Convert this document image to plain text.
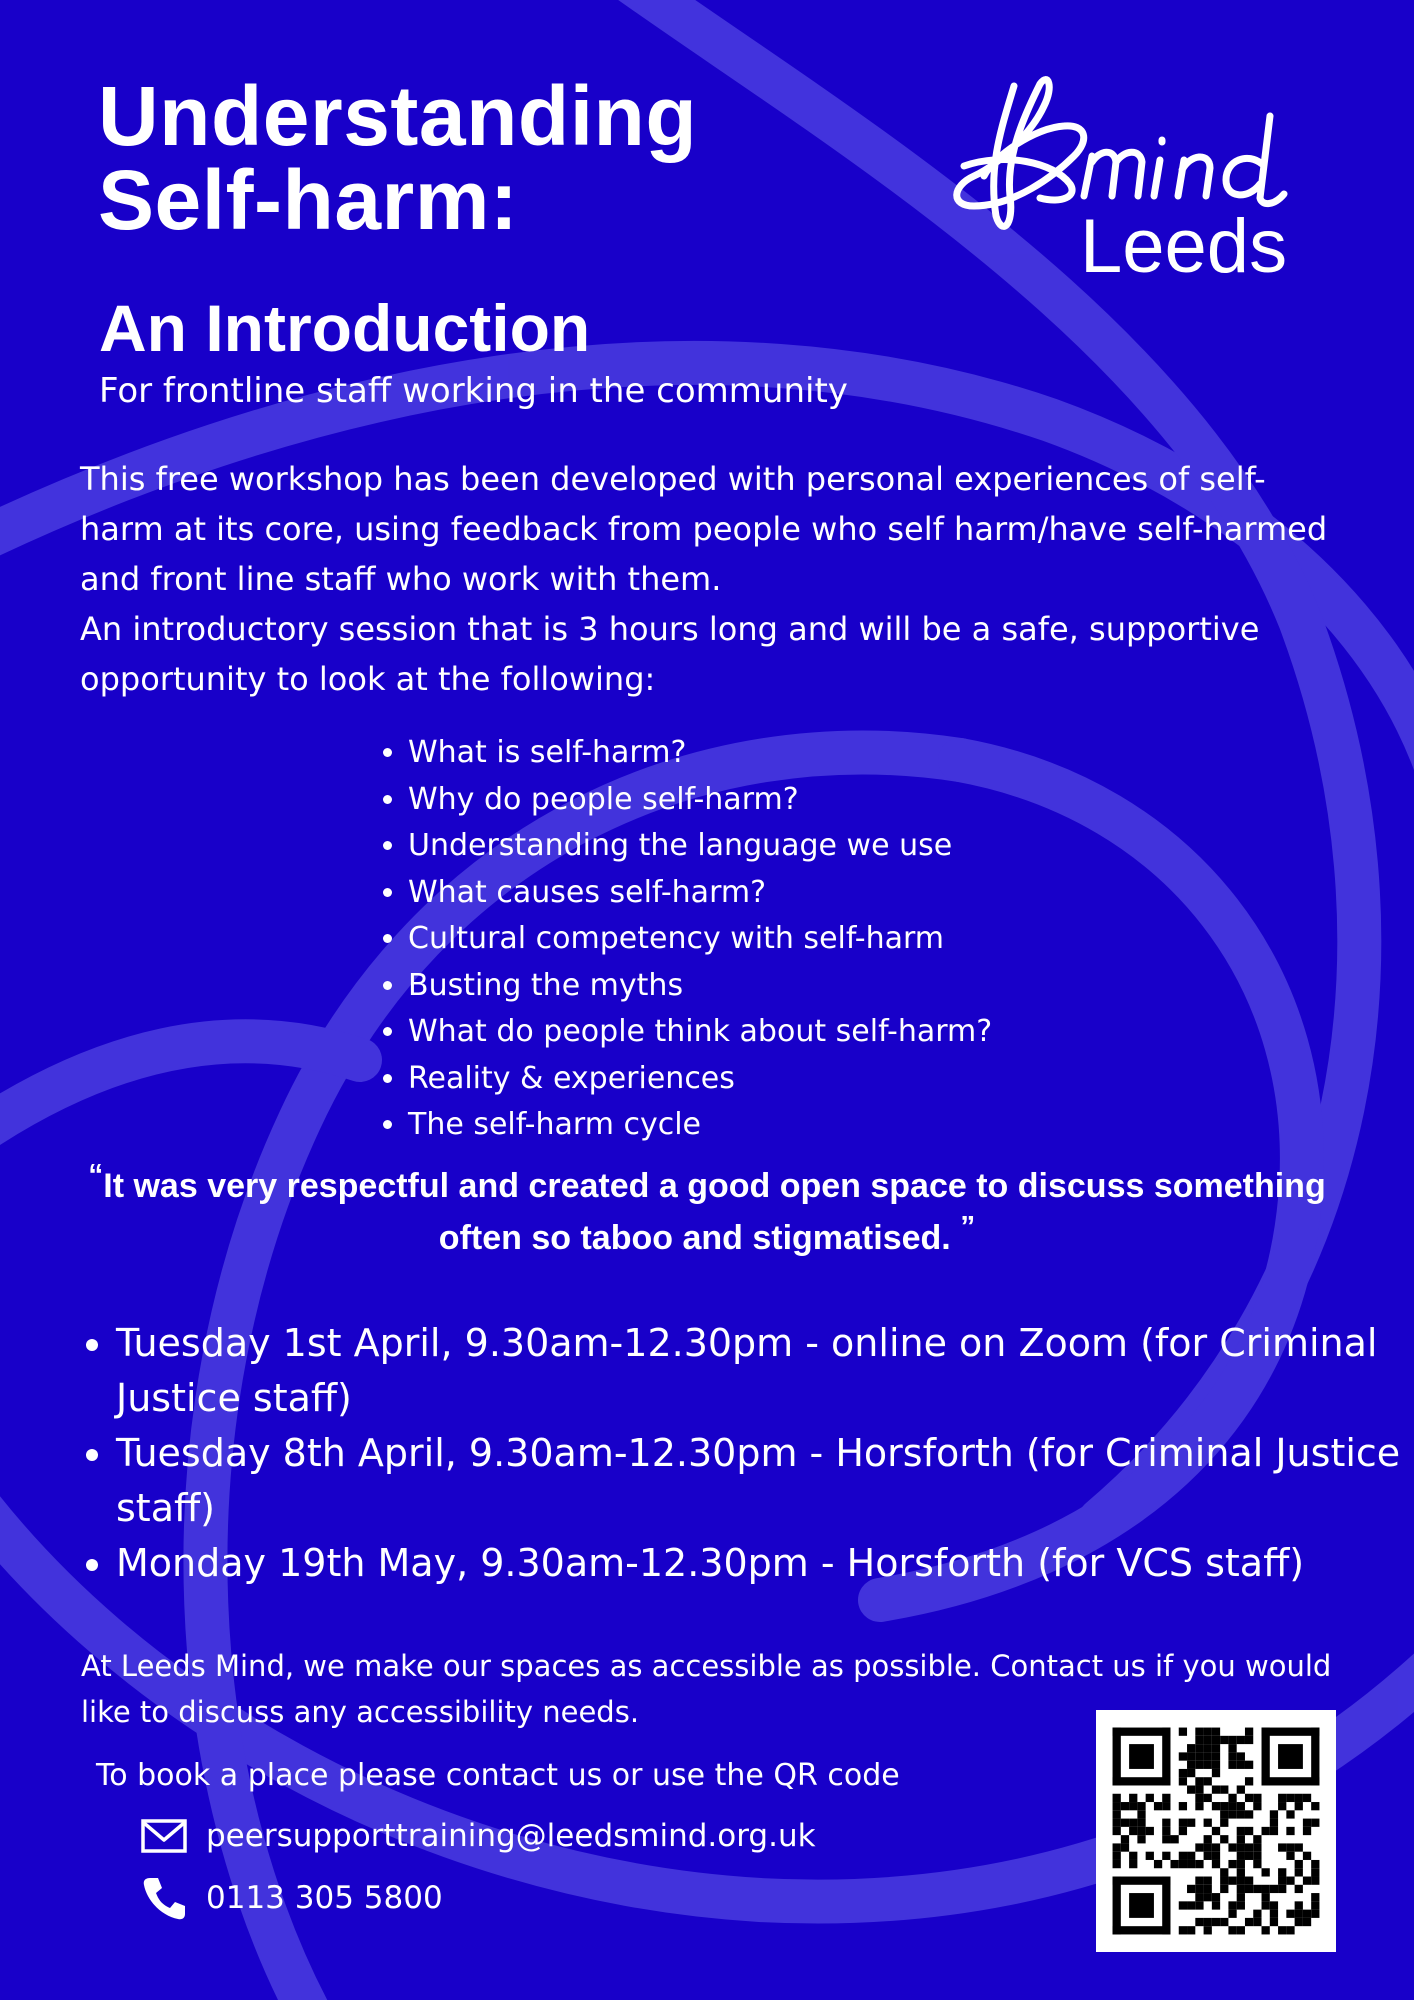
Understanding
Self-harm:
An Introduction

For frontline staff working in the community

Leeds

This free workshop has been developed with personal experiences of self-harm at its core, using feedback from people who self harm/have self-harmed and front line staff who work with them.

An introductory session that is 3 hours long and will be a safe, supportive opportunity to look at the following:

• What is self-harm?
• Why do people self-harm?
• Understanding the language we use
• What causes self-harm?
• Cultural competency with self-harm
• Busting the myths
• What do people think about self-harm?
• Reality & experiences
• The self-harm cycle

“It was very respectful and created a good open space to discuss something often so taboo and stigmatised. ”

• Tuesday 1st April, 9.30am-12.30pm - online on Zoom (for Criminal Justice staff)
• Tuesday 8th April, 9.30am-12.30pm - Horsforth (for Criminal Justice staff)
• Monday 19th May, 9.30am-12.30pm - Horsforth (for VCS staff)

At Leeds Mind, we make our spaces as accessible as possible. Contact us if you would like to discuss any accessibility needs.

To book a place please contact us or use the QR code

peersupporttraining@leedsmind.org.uk
0113 305 5800
